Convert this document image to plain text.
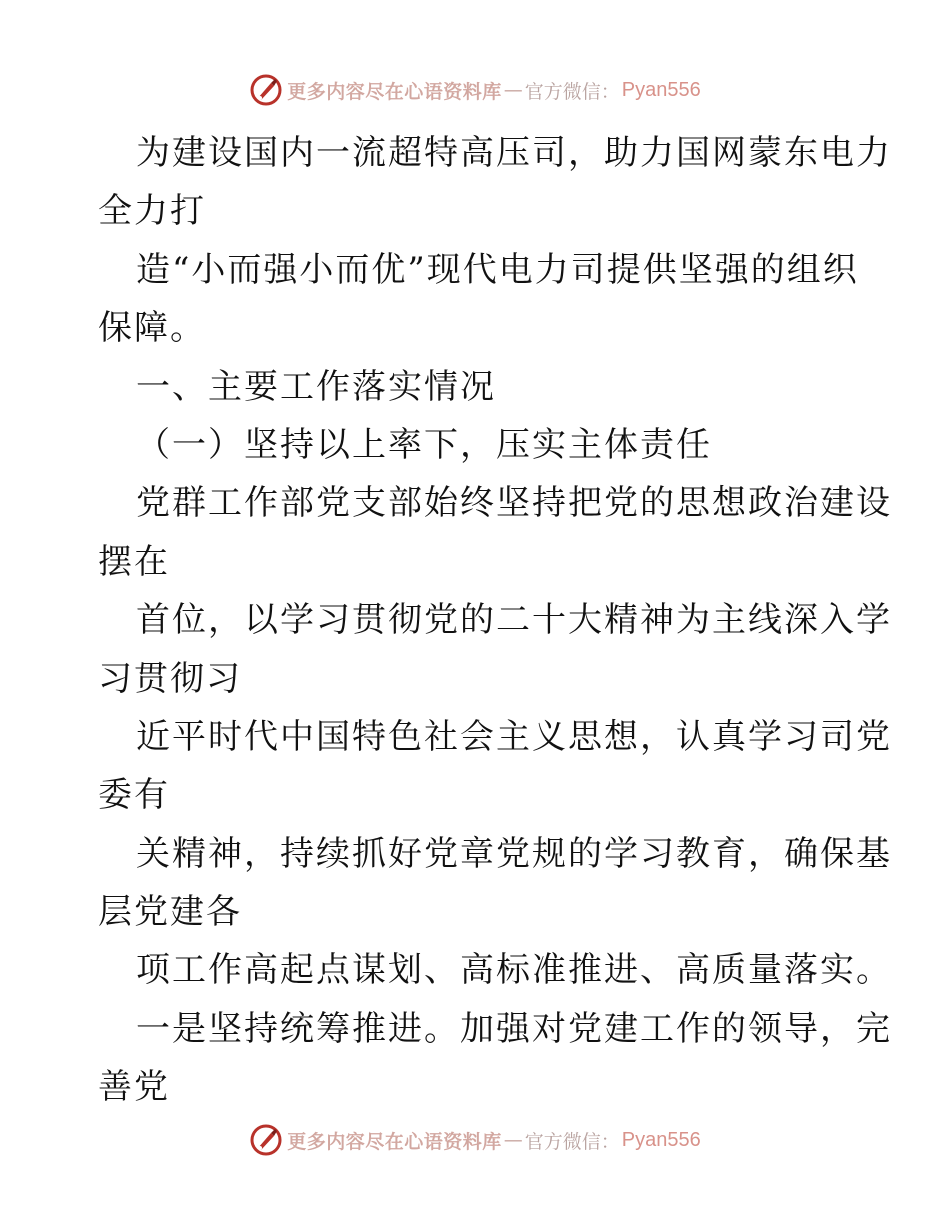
更多内容尽在心语资料库 — 官方微信： Pyan556
为建设国内一流超特高压司，助力国网蒙东电力
全力打
造“小而强小而优”现代电力司提供坚强的组织
保障。
一、主要工作落实情况
（一）坚持以上率下，压实主体责任
党群工作部党支部始终坚持把党的思想政治建设
摆在
首位，以学习贯彻党的二十大精神为主线深入学
习贯彻习
近平时代中国特色社会主义思想，认真学习司党
委有
关精神，持续抓好党章党规的学习教育，确保基
层党建各
项工作高起点谋划、高标准推进、高质量落实。
一是坚持统筹推进。加强对党建工作的领导，完
善党
更多内容尽在心语资料库 — 官方微信： Pyan556
